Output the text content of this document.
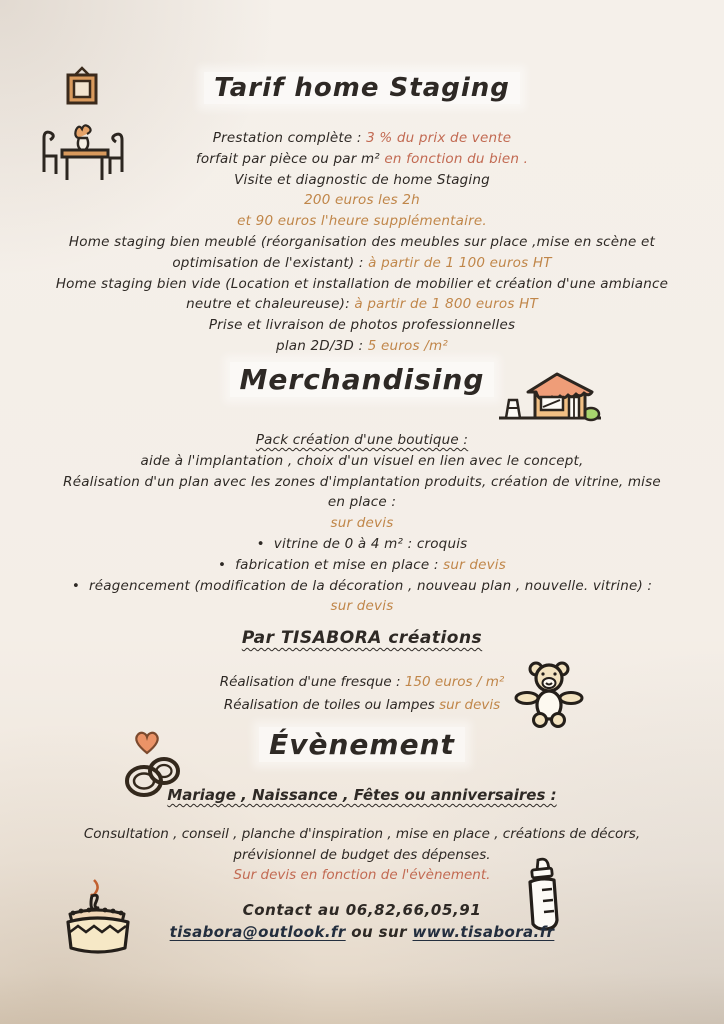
Tarif home Staging
Prestation complète : 3 % du prix de vente
forfait par pièce ou par m² en fonction du bien .
Visite et diagnostic de home Staging
200 euros les 2h
et 90 euros l'heure supplémentaire.
Home staging bien meublé (réorganisation des meubles sur place ,mise en scène et
optimisation de l'existant) : à partir de 1 100 euros HT
Home staging bien vide (Location et installation de mobilier et création d'une ambiance
neutre et chaleureuse): à partir de 1 800 euros HT
Prise et livraison de photos professionnelles
plan 2D/3D : 5 euros /m²
Merchandising
Pack création d'une boutique :
aide à l'implantation , choix d'un visuel en lien avec le concept,
Réalisation d'un plan avec les zones d'implantation produits, création de vitrine, mise
en place :
sur devis
• vitrine de 0 à 4 m² : croquis
• fabrication et mise en place : sur devis
• réagencement (modification de la décoration , nouveau plan , nouvelle. vitrine) :
sur devis
Par TISABORA créations
Réalisation d'une fresque : 150 euros / m²
Réalisation de toiles ou lampes sur devis
Évènement
Mariage , Naissance , Fêtes ou anniversaires :
Consultation , conseil , planche d'inspiration , mise en place , créations de décors,
prévisionnel de budget des dépenses.
Sur devis en fonction de l'évènement.
Contact au 06,82,66,05,91
tisabora@outlook.fr ou sur www.tisabora.fr
